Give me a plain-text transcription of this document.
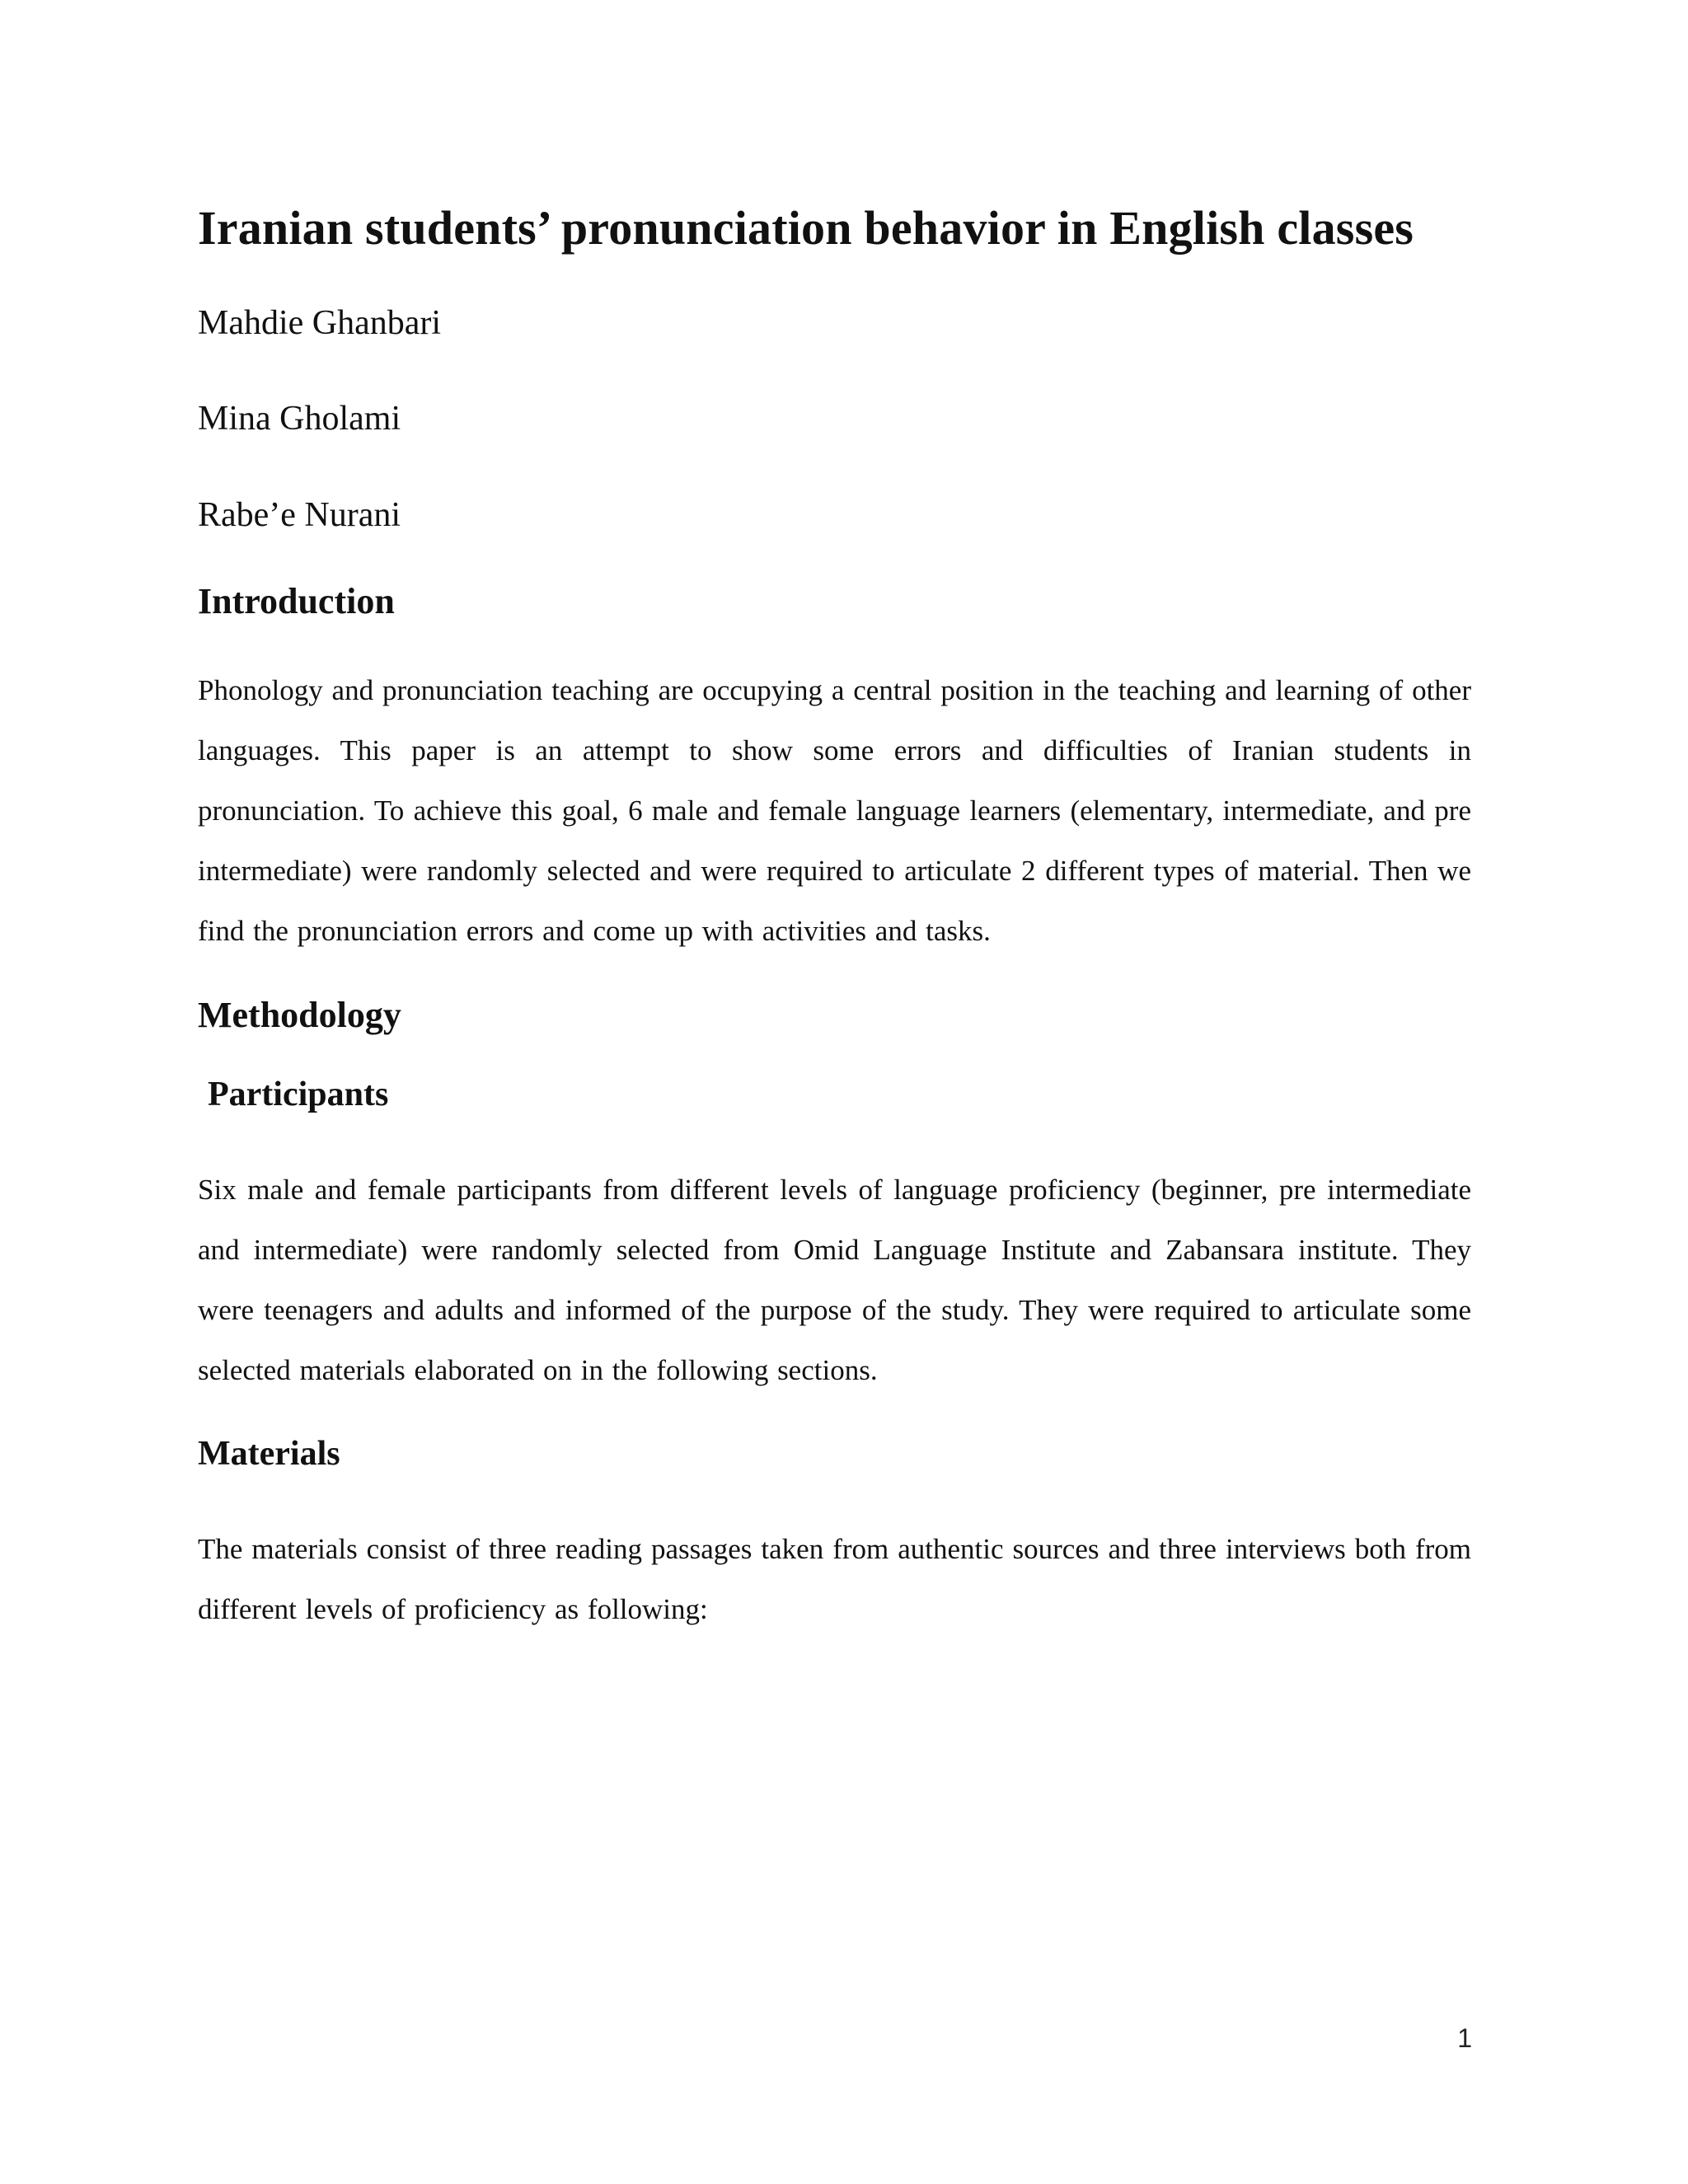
Iranian students’ pronunciation behavior in English classes
Mahdie Ghanbari
Mina Gholami
Rabe’e Nurani
Introduction

Phonology and pronunciation teaching are occupying a central position in the teaching and learning of other languages. This paper is an attempt to show some errors and difficulties of Iranian students in pronunciation. To achieve this goal, 6 male and female language learners (elementary, intermediate, and pre intermediate) were randomly selected and were required to articulate 2 different types of material. Then we find the pronunciation errors and come up with activities and tasks.

Methodology
Participants

Six male and female participants from different levels of language proficiency (beginner, pre intermediate and intermediate) were randomly selected from Omid Language Institute and Zabansara institute. They were teenagers and adults and informed of the purpose of the study. They were required to articulate some selected materials elaborated on in the following sections.

Materials

The materials consist of three reading passages taken from authentic sources and three interviews both from different levels of proficiency as following:

1
